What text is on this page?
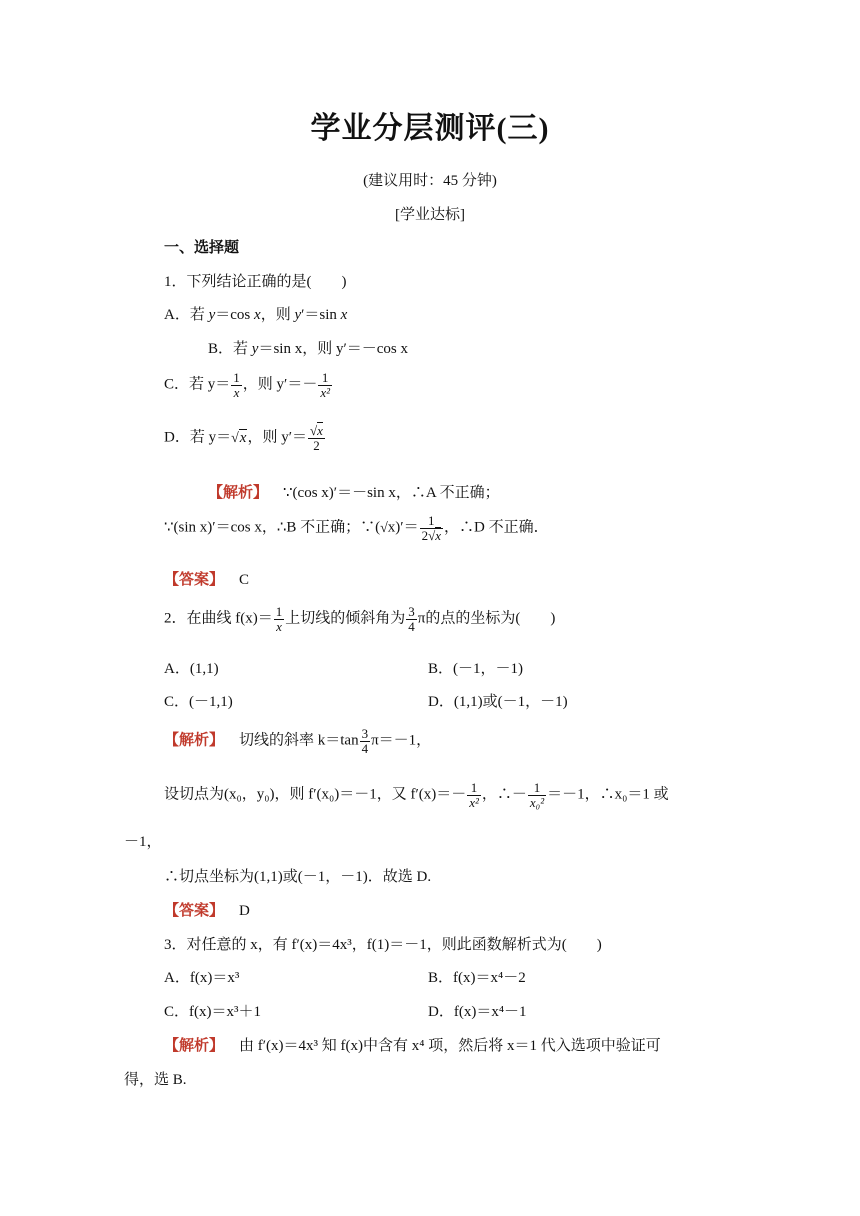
学业分层测评(三)
(建议用时：45 分钟)
[学业达标]
一、选择题
1．下列结论正确的是(　　)
A．若 y＝cos x，则 y′＝sin x
B．若 y＝sin x，则 y′＝－cos x
C．若 $y= \frac{1}{x}$ ，则 $y'=- \frac{1}{\text{x²}}$
D．若 y＝√x，则 $y'= \frac{√x}{2}$
【解析】 ∵(cos x)′＝－sin x，∴A 不正确；
∵(sin x)′＝cos x，∴B 不正确；∵(√x)′＝ $\frac{1}{2√x}$ ，∴D 不正确．
【答案】 C
2．在曲线 $f(x)= \frac{1}{x}$ 上切线的倾斜角为 $\frac{3}{4}$ π的点的坐标为(　　)
A．(1,1)	B．(－1，－1)
C．(－1,1)	D．(1,1)或(－1，－1)
【解析】 切线的斜率 $k=\tan \frac{3}{4} \pi=-1$，
设切点为(x₀，y₀)，则 f′(x₀)＝－1，又 $f'(x)=- \frac{1}{\text{x²}}$ ，∴－ $\frac{1}{\text{x₀²}} =-1$，∴x₀＝1 或
－1，
∴切点坐标为(1,1)或(－1，－1)．故选 D.
【答案】 D
3．对任意的 x，有 f′(x)＝4x³，f(1)＝－1，则此函数解析式为(　　)
A．f(x)＝x³	B．f(x)＝x⁴－2
C．f(x)＝x³＋1	D．f(x)＝x⁴－1
【解析】 由 f′(x)＝4x³ 知 f(x)中含有 x⁴ 项，然后将 x＝1 代入选项中验证可
得，选 B.
